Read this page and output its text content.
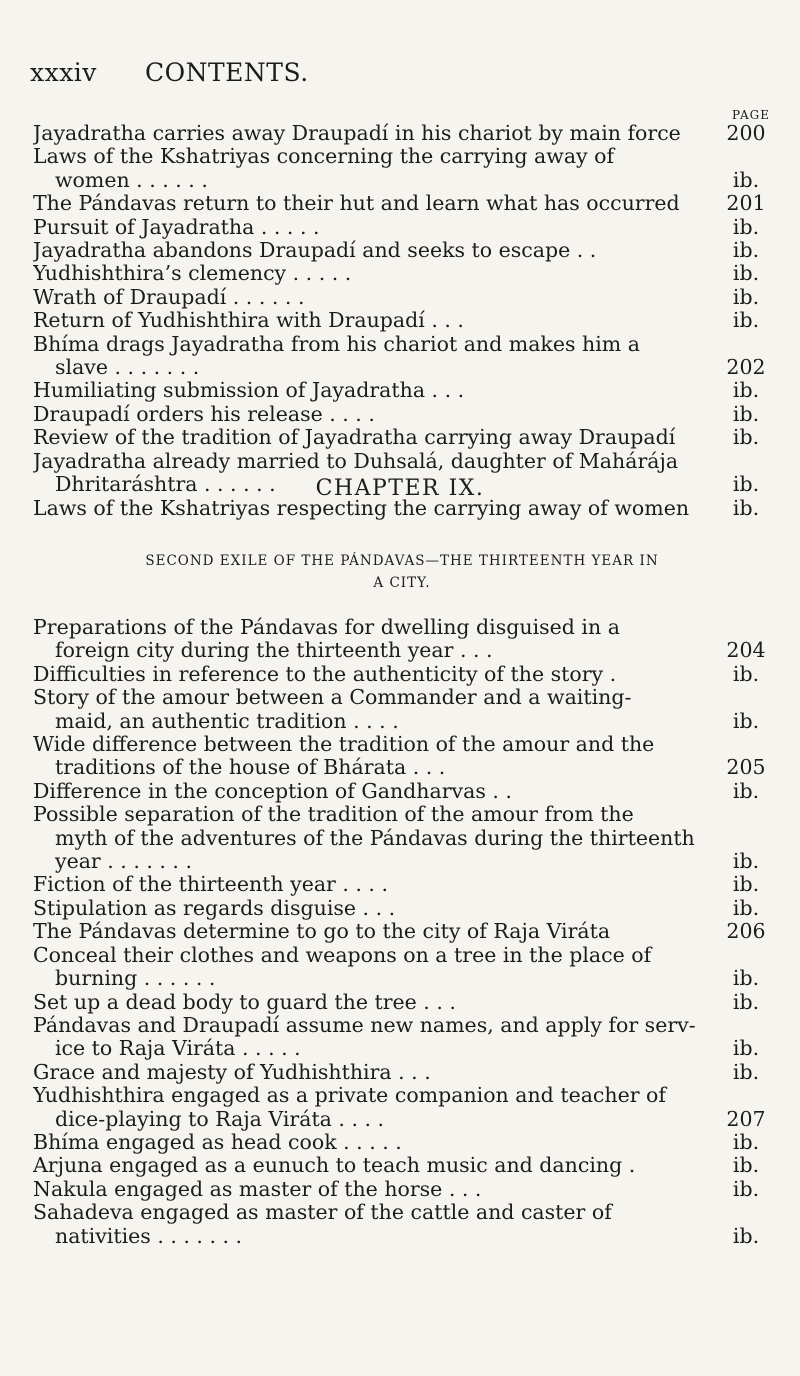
xxxiv CONTENTS.
PAGE
Jayadratha carries away Draupadí in his chariot by main force	200
Laws of the Kshatriyas concerning the carrying away of
women . . . . . .	ib.
The Pándavas return to their hut and learn what has occurred	201
Pursuit of Jayadratha . . . . .	ib.
Jayadratha abandons Draupadí and seeks to escape . .	ib.
Yudhishthira’s clemency . . . . .	ib.
Wrath of Draupadí . . . . . .	ib.
Return of Yudhishthira with Draupadí . . .	ib.
Bhíma drags Jayadratha from his chariot and makes him a
slave . . . . . . .	202
Humiliating submission of Jayadratha . . .	ib.
Draupadí orders his release . . . .	ib.
Review of the tradition of Jayadratha carrying away Draupadí	ib.
Jayadratha already married to Duhsalá, daughter of Mahárája
Dhritaráshtra . . . . . .	ib.
Laws of the Kshatriyas respecting the carrying away of women	ib.
CHAPTER IX.
SECOND EXILE OF THE PÁNDAVAS—THE THIRTEENTH YEAR IN
A CITY.
Preparations of the Pándavas for dwelling disguised in a
foreign city during the thirteenth year . . .	204
Difficulties in reference to the authenticity of the story .	ib.
Story of the amour between a Commander and a waiting-
maid, an authentic tradition . . . .	ib.
Wide difference between the tradition of the amour and the
traditions of the house of Bhárata . . .	205
Difference in the conception of Gandharvas . .	ib.
Possible separation of the tradition of the amour from the
myth of the adventures of the Pándavas during the thirteenth
year . . . . . . .	ib.
Fiction of the thirteenth year . . . .	ib.
Stipulation as regards disguise . . .	ib.
The Pándavas determine to go to the city of Raja Viráta	206
Conceal their clothes and weapons on a tree in the place of
burning . . . . . .	ib.
Set up a dead body to guard the tree . . .	ib.
Pándavas and Draupadí assume new names, and apply for serv-
ice to Raja Viráta . . . . .	ib.
Grace and majesty of Yudhishthira . . .	ib.
Yudhishthira engaged as a private companion and teacher of
dice-playing to Raja Viráta . . . .	207
Bhíma engaged as head cook . . . . .	ib.
Arjuna engaged as a eunuch to teach music and dancing .	ib.
Nakula engaged as master of the horse . . .	ib.
Sahadeva engaged as master of the cattle and caster of
nativities . . . . . . .	ib.
